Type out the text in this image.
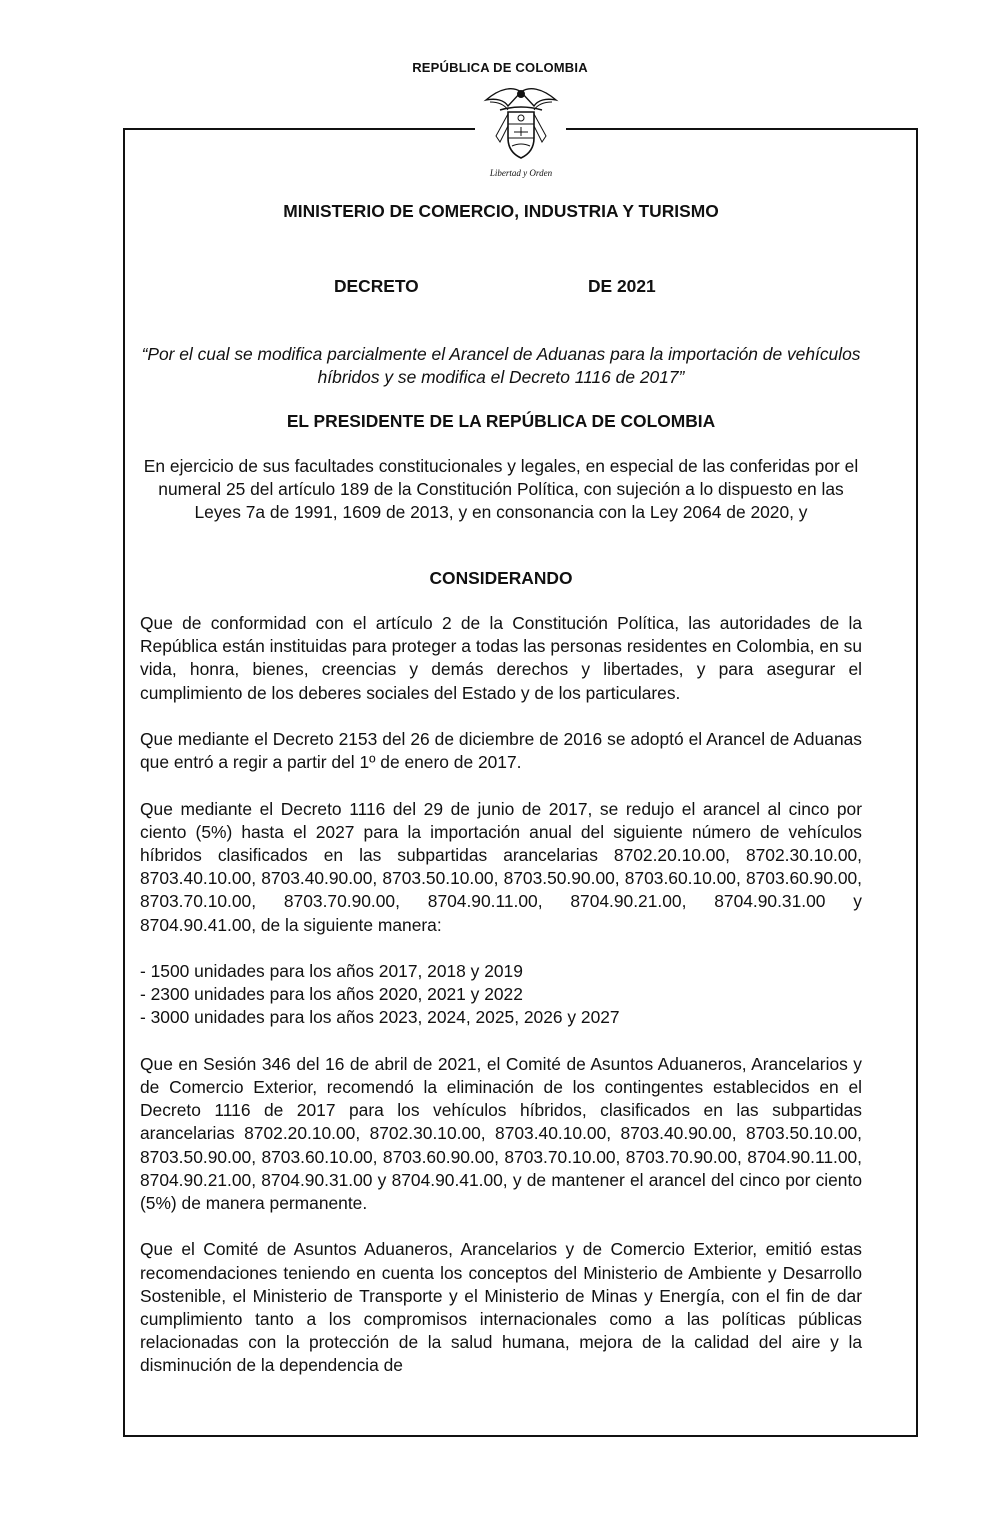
REPÚBLICA DE COLOMBIA
Libertad y Orden
MINISTERIO DE COMERCIO, INDUSTRIA Y TURISMO
DECRETO	DE 2021
“Por el cual se modifica parcialmente el Arancel de Aduanas para la importación de vehículos híbridos y se modifica el Decreto 1116 de 2017”
EL PRESIDENTE DE LA REPÚBLICA DE COLOMBIA
En ejercicio de sus facultades constitucionales y legales, en especial de las conferidas por el numeral 25 del artículo 189 de la Constitución Política, con sujeción a lo dispuesto en las Leyes 7a de 1991, 1609 de 2013, y en consonancia con la Ley 2064 de 2020, y
CONSIDERANDO

Que de conformidad con el artículo 2 de la Constitución Política, las autoridades de la República están instituidas para proteger a todas las personas residentes en Colombia, en su vida, honra, bienes, creencias y demás derechos y libertades, y para asegurar el cumplimiento de los deberes sociales del Estado y de los particulares.

Que mediante el Decreto 2153 del 26 de diciembre de 2016 se adoptó el Arancel de Aduanas que entró a regir a partir del 1º de enero de 2017.

Que mediante el Decreto 1116 del 29 de junio de 2017, se redujo el arancel al cinco por ciento (5%) hasta el 2027 para la importación anual del siguiente número de vehículos híbridos clasificados en las subpartidas arancelarias 8702.20.10.00, 8702.30.10.00, 8703.40.10.00, 8703.40.90.00, 8703.50.10.00, 8703.50.90.00, 8703.60.10.00, 8703.60.90.00, 8703.70.10.00, 8703.70.90.00, 8704.90.11.00, 8704.90.21.00, 8704.90.31.00 y 8704.90.41.00, de la siguiente manera:

- 1500 unidades para los años 2017, 2018 y 2019
- 2300 unidades para los años 2020, 2021 y 2022
- 3000 unidades para los años 2023, 2024, 2025, 2026 y 2027

Que en Sesión 346 del 16 de abril de 2021, el Comité de Asuntos Aduaneros, Arancelarios y de Comercio Exterior, recomendó la eliminación de los contingentes establecidos en el Decreto 1116 de 2017 para los vehículos híbridos, clasificados en las subpartidas arancelarias 8702.20.10.00, 8702.30.10.00, 8703.40.10.00, 8703.40.90.00, 8703.50.10.00, 8703.50.90.00, 8703.60.10.00, 8703.60.90.00, 8703.70.10.00, 8703.70.90.00, 8704.90.11.00, 8704.90.21.00, 8704.90.31.00 y 8704.90.41.00, y de mantener el arancel del cinco por ciento (5%) de manera permanente.

Que el Comité de Asuntos Aduaneros, Arancelarios y de Comercio Exterior, emitió estas recomendaciones teniendo en cuenta los conceptos del Ministerio de Ambiente y Desarrollo Sostenible, el Ministerio de Transporte y el Ministerio de Minas y Energía, con el fin de dar cumplimiento tanto a los compromisos internacionales como a las políticas públicas relacionadas con la protección de la salud humana, mejora de la calidad del aire y la disminución de la dependencia de
